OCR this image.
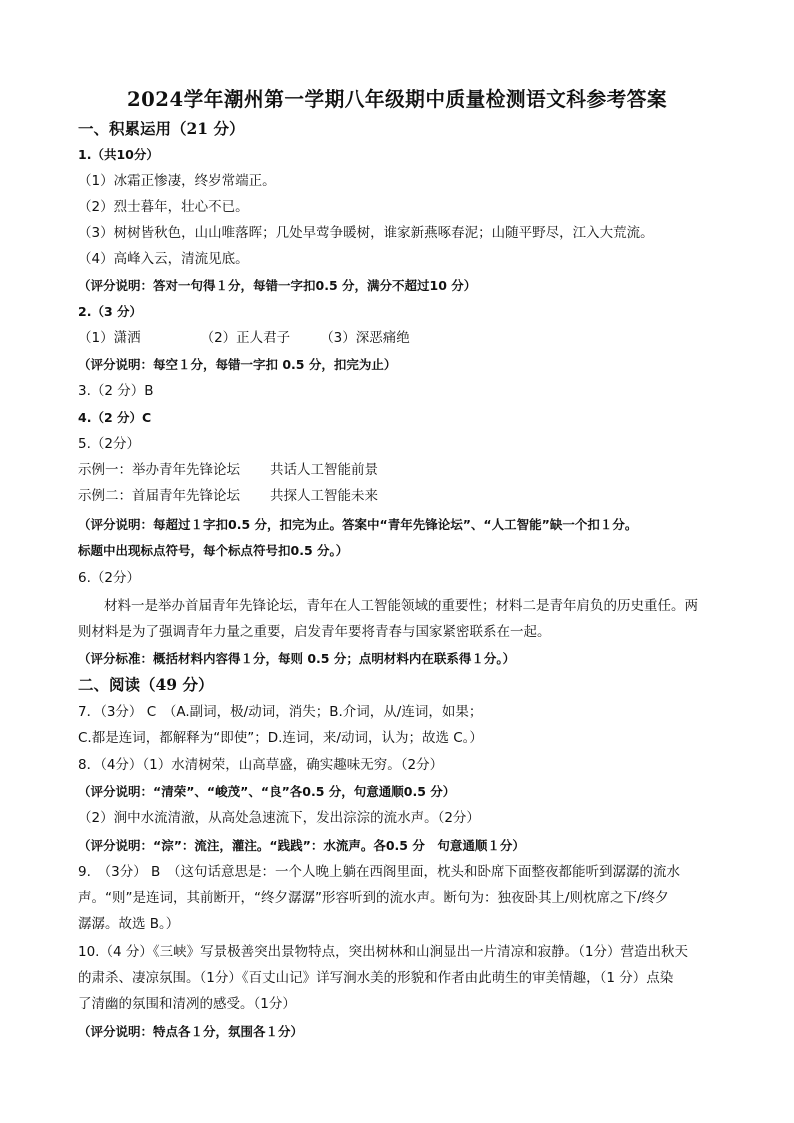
2024学年潮州第一学期八年级期中质量检测语文科参考答案
一、积累运用（21 分）
1.（共10分）
（1）冰霜正惨凄，终岁常端正。
（2）烈士暮年，壮心不已。
（3）树树皆秋色，山山唯落晖；几处早莺争暖树，谁家新燕啄春泥；山随平野尽，江入大荒流。
（4）高峰入云，清流见底。
（评分说明：答对一句得１分，每错一字扣0.5 分，满分不超过10 分）
2.（3 分）
（1）潇洒	（2）正人君子 （3）深恶痛绝
（评分说明：每空１分，每错一字扣 0.5 分，扣完为止）
3.（2 分）B
4.（2 分）C
5.（2分）
示例一：举办青年先锋论坛 共话人工智能前景
示例二：首届青年先锋论坛 共探人工智能未来
（评分说明：每超过１字扣0.5 分，扣完为止。答案中“青年先锋论坛”、“人工智能”缺一个扣１分。
标题中出现标点符号，每个标点符号扣0.5 分。）
6.（2分）
材料一是举办首届青年先锋论坛，青年在人工智能领域的重要性；材料二是青年肩负的历史重任。两
则材料是为了强调青年力量之重要，启发青年要将青春与国家紧密联系在一起。
（评分标准：概括材料内容得１分，每则 0.5 分；点明材料内在联系得１分。）
二、阅读（49 分）
7．（3分） C　（A.副词，极/动词，消失；B.介词，从/连词，如果；
C.都是连词，都解释为“即使”；D.连词，来/动词，认为；故选 C。）
8．（4分）（1）水清树荣，山高草盛，确实趣味无穷。（2分）
（评分说明：“清荣”、“峻茂”、“良”各0.5 分，句意通顺0.5 分）
（2）涧中水流清澈，从高处急速流下，发出淙淙的流水声。（2分）
（评分说明：“淙”：流注，灌注。“践践”：水流声。各0.5 分　句意通顺１分）
9.　（3分） B　（这句话意思是：一个人晚上躺在西阁里面，枕头和卧席下面整夜都能听到潺潺的流水
声。“则”是连词，其前断开，“终夕潺潺”形容听到的流水声。断句为：独夜卧其上/则枕席之下/终夕
潺潺。故选 B。）
10.（4 分）《三峡》写景极善突出景物特点，突出树林和山涧显出一片清凉和寂静。（1分）营造出秋天
的肃杀、凄凉氛围。（1分）《百丈山记》详写涧水美的形貌和作者由此萌生的审美情趣，（1 分）点染
了清幽的氛围和清冽的感受。（1分）
（评分说明：特点各１分，氛围各１分）
